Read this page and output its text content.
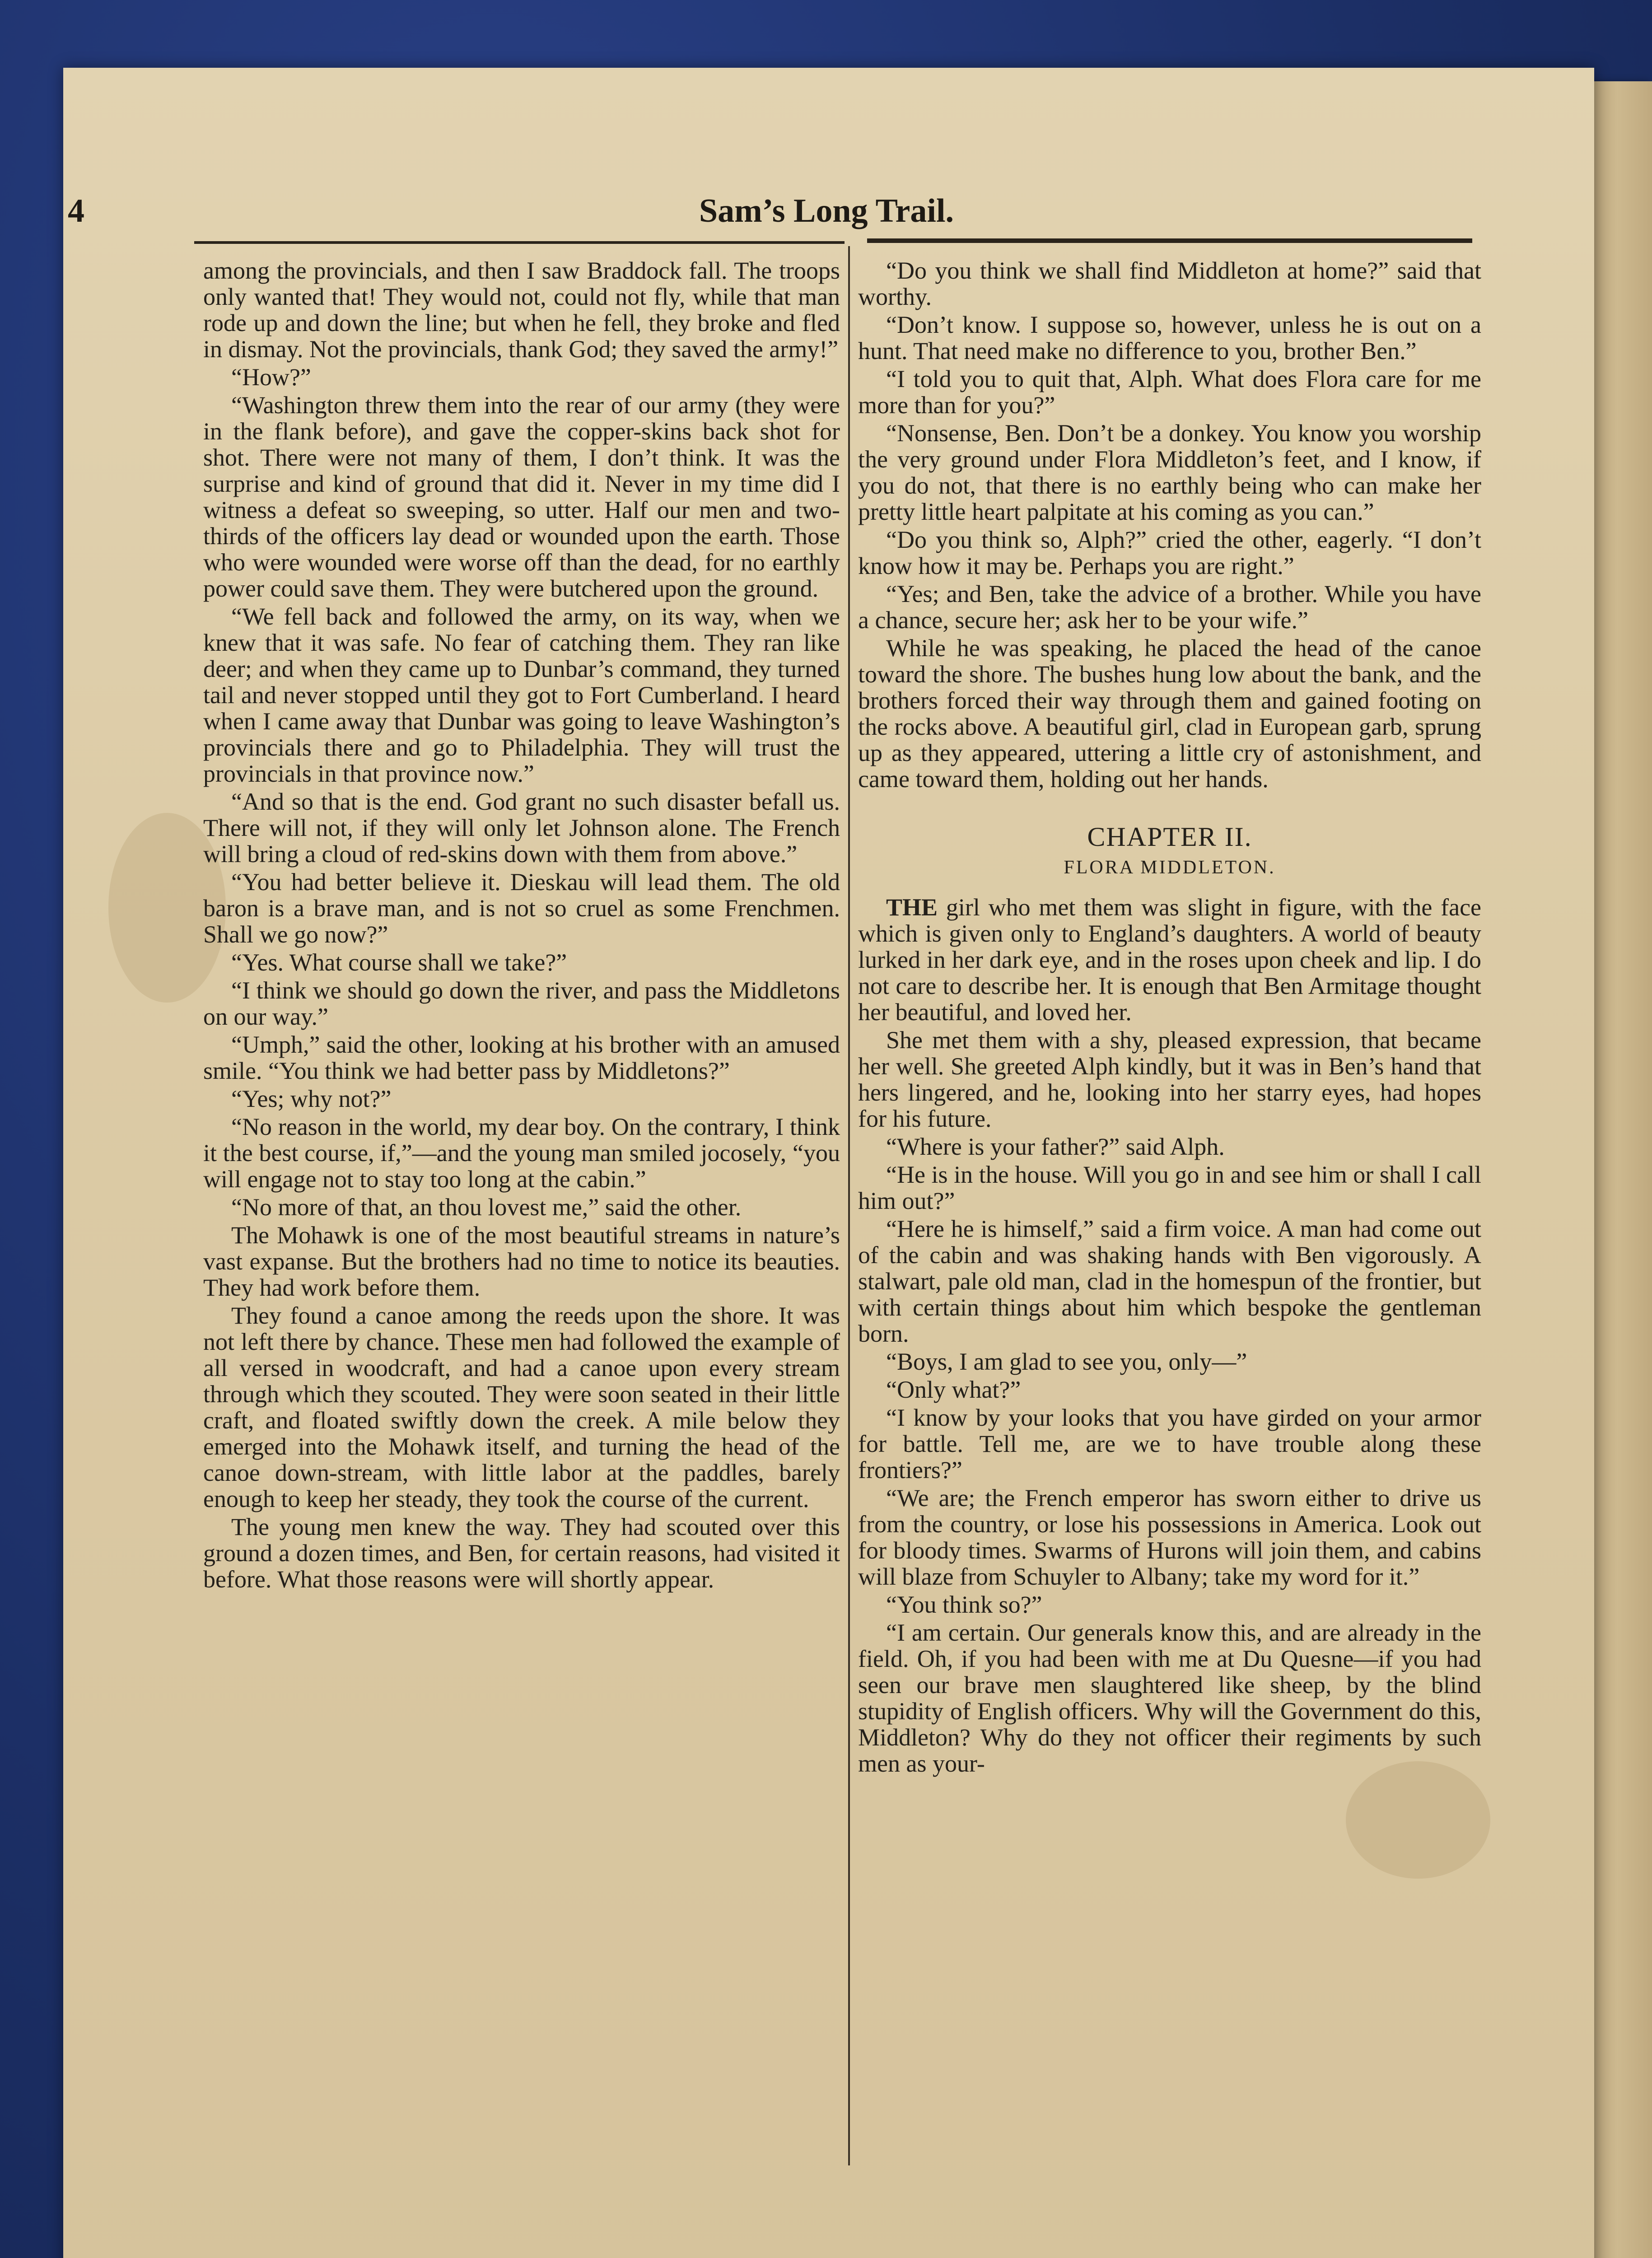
4	Sam’s Long Trail.

among the provincials, and then I saw Braddock fall. The troops only wanted that! They would not, could not fly, while that man rode up and down the line; but when he fell, they broke and fled in dismay. Not the provincials, thank God; they saved the army!”

“How?”

“Washington threw them into the rear of our army (they were in the flank before), and gave the copper-skins back shot for shot. There were not many of them, I don’t think. It was the surprise and kind of ground that did it. Never in my time did I witness a defeat so sweeping, so utter. Half our men and two-thirds of the officers lay dead or wounded upon the earth. Those who were wounded were worse off than the dead, for no earthly power could save them. They were butchered upon the ground.

“We fell back and followed the army, on its way, when we knew that it was safe. No fear of catching them. They ran like deer; and when they came up to Dunbar’s command, they turned tail and never stopped until they got to Fort Cumberland. I heard when I came away that Dunbar was going to leave Washington’s provincials there and go to Philadelphia. They will trust the provincials in that province now.”

“And so that is the end. God grant no such disaster befall us. There will not, if they will only let Johnson alone. The French will bring a cloud of red-skins down with them from above.”

“You had better believe it. Dieskau will lead them. The old baron is a brave man, and is not so cruel as some Frenchmen. Shall we go now?”

“Yes. What course shall we take?”

“I think we should go down the river, and pass the Middletons on our way.”

“Umph,” said the other, looking at his brother with an amused smile. “You think we had better pass by Middletons?”

“Yes; why not?”

“No reason in the world, my dear boy. On the contrary, I think it the best course, if,”—and the young man smiled jocosely, “you will engage not to stay too long at the cabin.”

“No more of that, an thou lovest me,” said the other.

The Mohawk is one of the most beautiful streams in nature’s vast expanse. But the brothers had no time to notice its beauties. They had work before them.

They found a canoe among the reeds upon the shore. It was not left there by chance. These men had followed the example of all versed in woodcraft, and had a canoe upon every stream through which they scouted. They were soon seated in their little craft, and floated swiftly down the creek. A mile below they emerged into the Mohawk itself, and turning the head of the canoe down-stream, with little labor at the paddles, barely enough to keep her steady, they took the course of the current.

The young men knew the way. They had scouted over this ground a dozen times, and Ben, for certain reasons, had visited it before. What those reasons were will shortly appear.

“Do you think we shall find Middleton at home?” said that worthy.

“Don’t know. I suppose so, however, unless he is out on a hunt. That need make no difference to you, brother Ben.”

“I told you to quit that, Alph. What does Flora care for me more than for you?”

“Nonsense, Ben. Don’t be a donkey. You know you worship the very ground under Flora Middleton’s feet, and I know, if you do not, that there is no earthly being who can make her pretty little heart palpitate at his coming as you can.”

“Do you think so, Alph?” cried the other, eagerly. “I don’t know how it may be. Perhaps you are right.”

“Yes; and Ben, take the advice of a brother. While you have a chance, secure her; ask her to be your wife.”

While he was speaking, he placed the head of the canoe toward the shore. The bushes hung low about the bank, and the brothers forced their way through them and gained footing on the rocks above. A beautiful girl, clad in European garb, sprung up as they appeared, uttering a little cry of astonishment, and came toward them, holding out her hands.

CHAPTER II.
FLORA MIDDLETON.

THE girl who met them was slight in figure, with the face which is given only to England’s daughters. A world of beauty lurked in her dark eye, and in the roses upon cheek and lip. I do not care to describe her. It is enough that Ben Armitage thought her beautiful, and loved her.

She met them with a shy, pleased expression, that became her well. She greeted Alph kindly, but it was in Ben’s hand that hers lingered, and he, looking into her starry eyes, had hopes for his future.

“Where is your father?” said Alph.

“He is in the house. Will you go in and see him or shall I call him out?”

“Here he is himself,” said a firm voice. A man had come out of the cabin and was shaking hands with Ben vigorously. A stalwart, pale old man, clad in the homespun of the frontier, but with certain things about him which bespoke the gentleman born.

“Boys, I am glad to see you, only—”

“Only what?”

“I know by your looks that you have girded on your armor for battle. Tell me, are we to have trouble along these frontiers?”

“We are; the French emperor has sworn either to drive us from the country, or lose his possessions in America. Look out for bloody times. Swarms of Hurons will join them, and cabins will blaze from Schuyler to Albany; take my word for it.”

“You think so?”

“I am certain. Our generals know this, and are already in the field. Oh, if you had been with me at Du Quesne—if you had seen our brave men slaughtered like sheep, by the blind stupidity of English officers. Why will the Government do this, Middleton? Why do they not officer their regiments by such men as your-
